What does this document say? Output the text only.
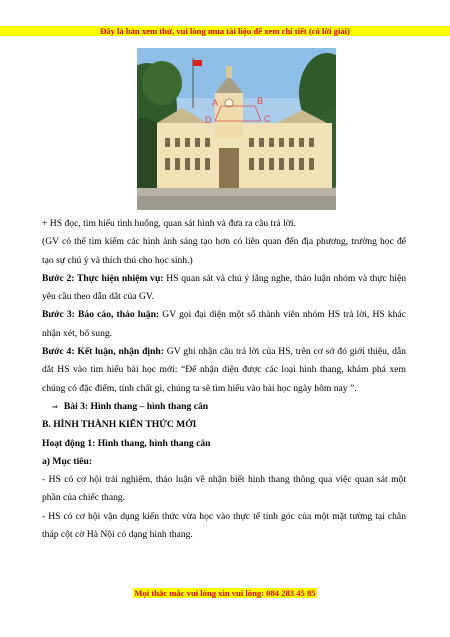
Đây là bản xem thử, vui lòng mua tài liệu để xem chi tiết (có lời giải)
A	B
C
D

+ HS đọc, tìm hiểu tình huống, quan sát hình và đưa ra câu trả lời.

(GV có thể tìm kiếm các hình ảnh sáng tạo hơn có liên quan đến địa phương, trường học để tạo sự chú ý và thích thú cho học sinh.)

Bước 2: Thực hiện nhiệm vụ: HS quan sát và chú ý lắng nghe, thảo luận nhóm và thực hiện yêu cầu theo dẫn dắt của GV.

Bước 3: Báo cáo, thảo luận: GV gọi đại diện một số thành viên nhóm HS trả lời, HS khác nhận xét, bổ sung.

Bước 4: Kết luận, nhận định: GV ghi nhận câu trả lời của HS, trên cơ sở đó giới thiệu, dẫn dắt HS vào tìm hiểu bài học mới: “Để nhận diện được các loại hình thang, khám phá xem chúng có đặc điểm, tính chất gì, chúng ta sẽ tìm hiểu vào bài học ngày hôm nay ”.

⇒ Bài 3: Hình thang – hình thang cân

B. HÌNH THÀNH KIẾN THỨC MỚI

Hoạt động 1: Hình thang, hình thang cân

a) Mục tiêu:

- HS có cơ hội trải nghiệm, thảo luận về nhận biết hình thang thông qua việc quan sát một phần của chiếc thang.

- HS có cơ hội vận dụng kiến thức vừa học vào thực tế tính góc của một mặt tường tại chân tháp cột cờ Hà Nội có dạng hình thang.

Mọi thắc mắc vui lòng xin vui lòng: 084 283 45 85
